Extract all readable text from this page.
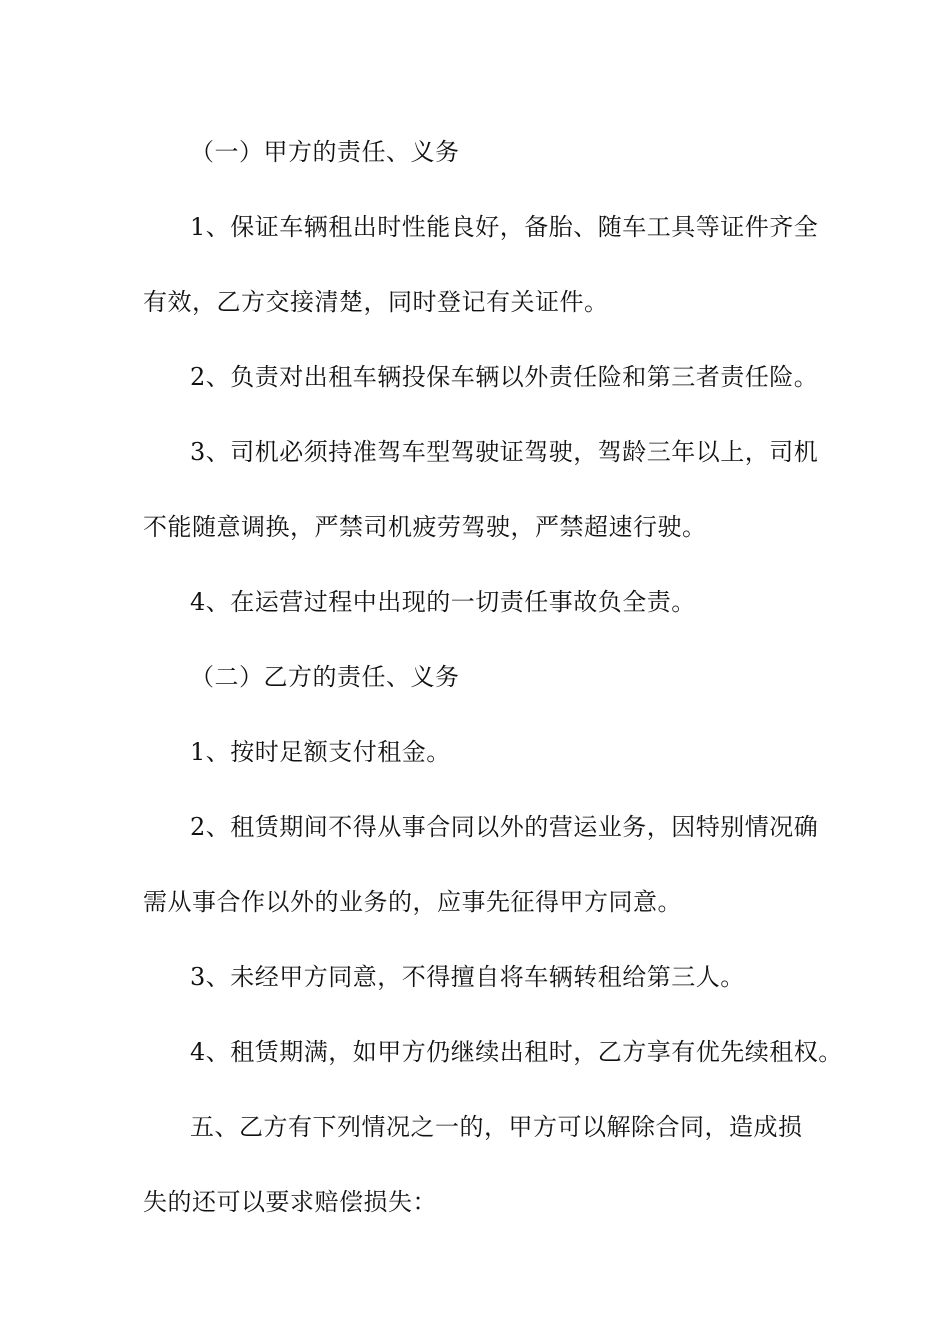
（一）甲方的责任、义务
1、保证车辆租出时性能良好，备胎、随车工具等证件齐全
有效，乙方交接清楚，同时登记有关证件。
2、负责对出租车辆投保车辆以外责任险和第三者责任险。
3、司机必须持准驾车型驾驶证驾驶，驾龄三年以上，司机
不能随意调换，严禁司机疲劳驾驶，严禁超速行驶。
4、在运营过程中出现的一切责任事故负全责。
（二）乙方的责任、义务
1、按时足额支付租金。
2、租赁期间不得从事合同以外的营运业务，因特别情况确
需从事合作以外的业务的，应事先征得甲方同意。
3、未经甲方同意，不得擅自将车辆转租给第三人。
4、租赁期满，如甲方仍继续出租时，乙方享有优先续租权。
五、乙方有下列情况之一的，甲方可以解除合同，造成损
失的还可以要求赔偿损失：
